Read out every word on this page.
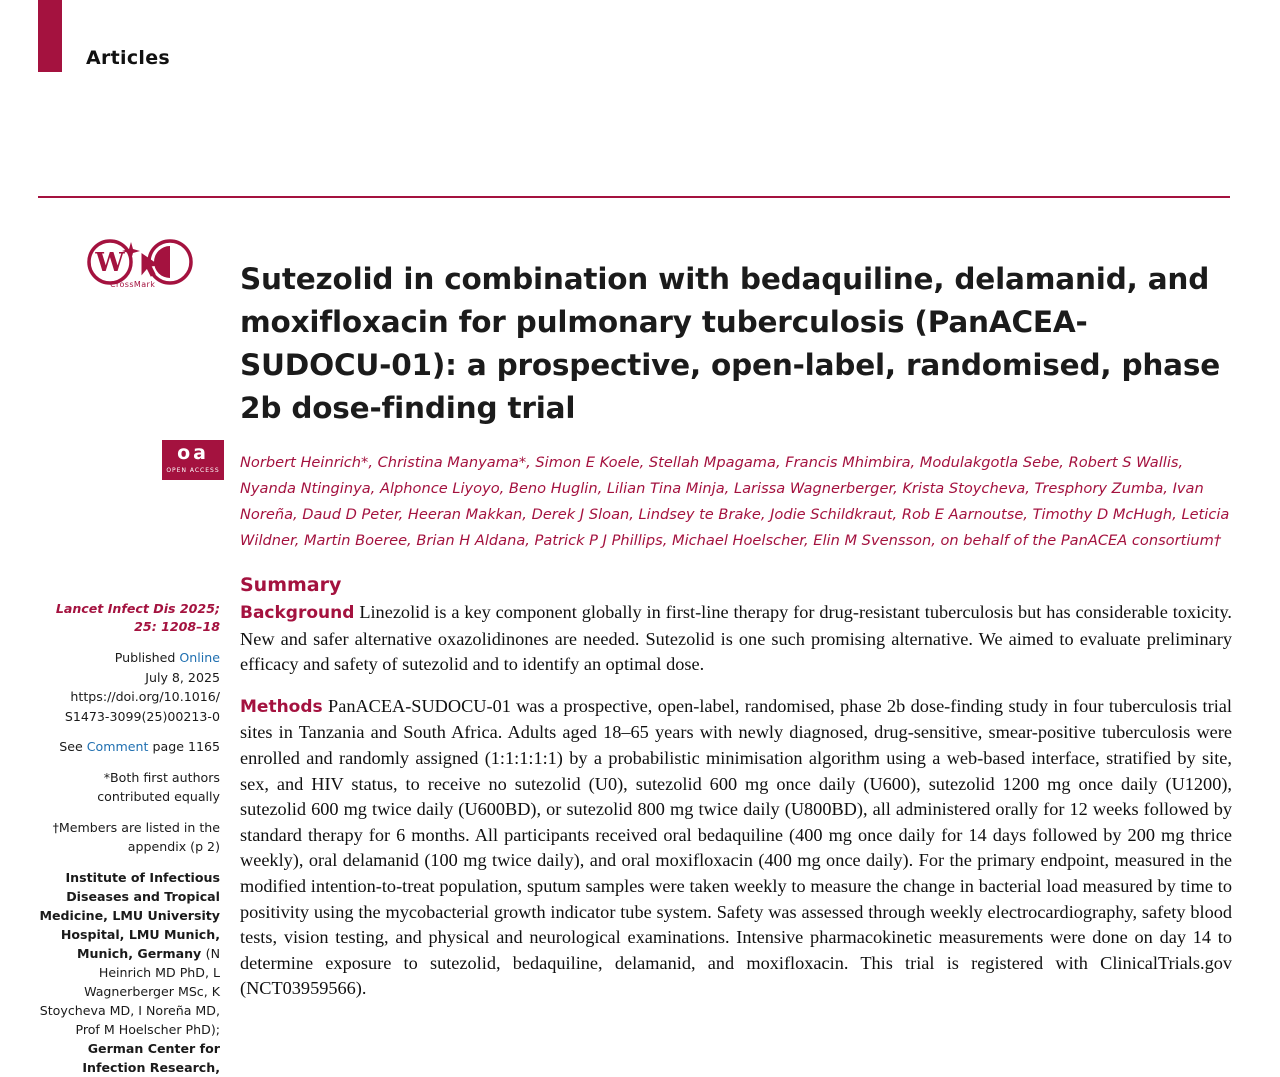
Articles
W
CrossMark
oa
OPEN ACCESS
Sutezolid in combination with bedaquiline, delamanid, and moxifloxacin for pulmonary tuberculosis (PanACEA-SUDOCU-01): a prospective, open-label, randomised, phase 2b dose-finding trial
Norbert Heinrich*, Christina Manyama*, Simon E Koele, Stellah Mpagama, Francis Mhimbira, Modulakgotla Sebe, Robert S Wallis, Nyanda Ntinginya, Alphonce Liyoyo, Beno Huglin, Lilian Tina Minja, Larissa Wagnerberger, Krista Stoycheva, Tresphory Zumba, Ivan Noreña, Daud D Peter, Heeran Makkan, Derek J Sloan, Lindsey te Brake, Jodie Schildkraut, Rob E Aarnoutse, Timothy D McHugh, Leticia Wildner, Martin Boeree, Brian H Aldana, Patrick P J Phillips, Michael Hoelscher, Elin M Svensson, on behalf of the PanACEA consortium†
Summary

Background Linezolid is a key component globally in first-line therapy for drug-resistant tuberculosis but has considerable toxicity. New and safer alternative oxazolidinones are needed. Sutezolid is one such promising alternative. We aimed to evaluate preliminary efficacy and safety of sutezolid and to identify an optimal dose.

Methods PanACEA-SUDOCU-01 was a prospective, open-label, randomised, phase 2b dose-finding study in four tuberculosis trial sites in Tanzania and South Africa. Adults aged 18–65 years with newly diagnosed, drug-sensitive, smear-positive tuberculosis were enrolled and randomly assigned (1:1:1:1:1) by a probabilistic minimisation algorithm using a web-based interface, stratified by site, sex, and HIV status, to receive no sutezolid (U0), sutezolid 600 mg once daily (U600), sutezolid 1200 mg once daily (U1200), sutezolid 600 mg twice daily (U600BD), or sutezolid 800 mg twice daily (U800BD), all administered orally for 12 weeks followed by standard therapy for 6 months. All participants received oral bedaquiline (400 mg once daily for 14 days followed by 200 mg thrice weekly), oral delamanid (100 mg twice daily), and oral moxifloxacin (400 mg once daily). For the primary endpoint, measured in the modified intention-to-treat population, sputum samples were taken weekly to measure the change in bacterial load measured by time to positivity using the mycobacterial growth indicator tube system. Safety was assessed through weekly electrocardiography, safety blood tests, vision testing, and physical and neurological examinations. Intensive pharmacokinetic measurements were done on day 14 to determine exposure to sutezolid, bedaquiline, delamanid, and moxifloxacin. This trial is registered with ClinicalTrials.gov (NCT03959566).

Lancet Infect Dis 2025;
25: 1208–18
Published Online
July 8, 2025
https://doi.org/10.1016/
S1473-3099(25)00213-0
See Comment page 1165
*Both first authors contributed equally
†Members are listed in the appendix (p 2)
Institute of Infectious Diseases and Tropical Medicine, LMU University Hospital, LMU Munich, Munich, Germany (N Heinrich MD PhD, L Wagnerberger MSc, K Stoycheva MD, I Noreña MD, Prof M Hoelscher PhD); German Center for Infection Research,
